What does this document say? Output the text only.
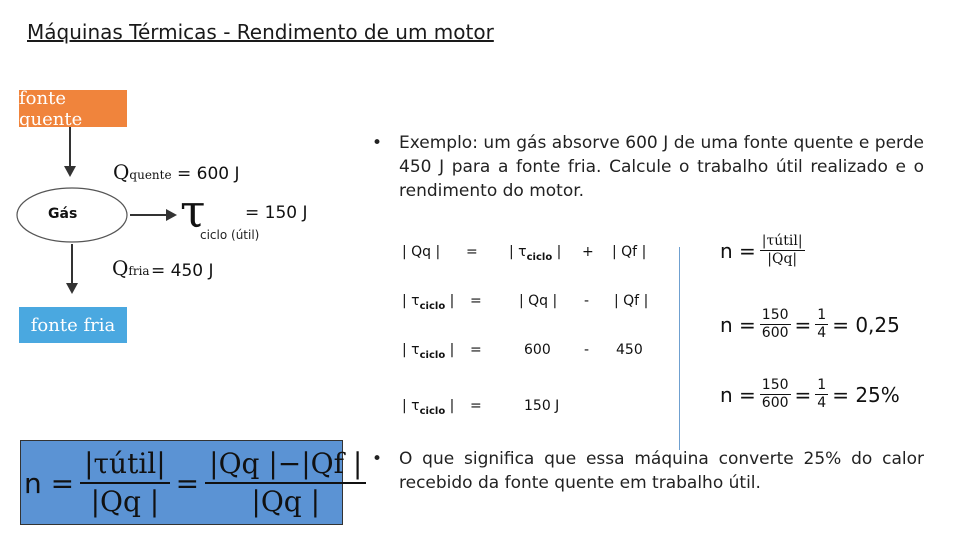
Máquinas Térmicas - Rendimento de um motor
fonte quente
Gás
Qquente = 600 J
τ = 150 J
ciclo (útil)
Qfria = 450 J
fonte fria
• Exemplo: um gás absorve 600 J de uma fonte quente e perde 450 J para a fonte fria. Calcule o trabalho útil realizado e o rendimento do motor.
| Qq | = | $\tau_{ciclo}$ | + | Qf |
| $\tau_{ciclo}$ | =	| Qq | - | Qf |
| $\tau_{ciclo}$ | =	600 - 450
| $\tau_{ciclo}$ | =	150 J
$n = \frac{\text{|τútil|}}{|Qq|}$
$n = \frac{150}{600} = \frac{1}{4} = 0,25$
$n = \frac{150}{600} = \frac{1}{4} = 25\%$
• O que significa que essa máquina converte 25% do calor recebido da fonte quente em trabalho útil.
$n = \frac{\text{|τútil|}}{|Qq |} = \frac{|Qq |-|Qf |}{|Qq |}$
